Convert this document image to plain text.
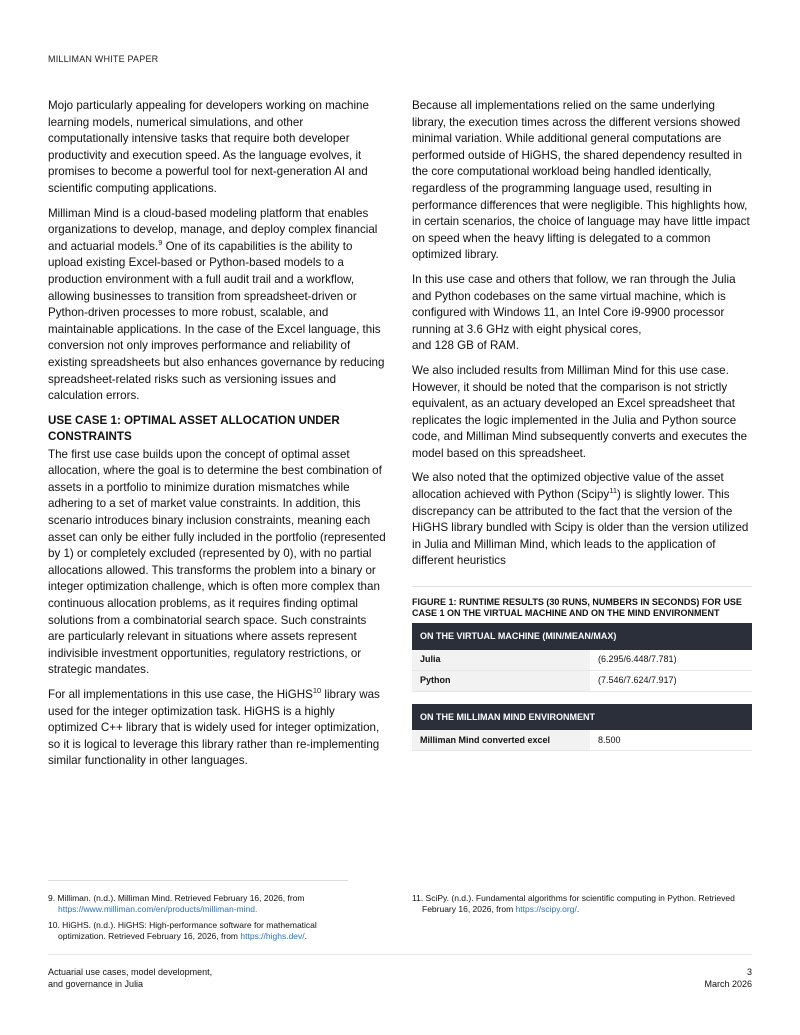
MILLIMAN WHITE PAPER

Mojo particularly appealing for developers working on machine learning models, numerical simulations, and other computationally intensive tasks that require both developer productivity and execution speed. As the language evolves, it promises to become a powerful tool for next-generation AI and scientific computing applications.

Milliman Mind is a cloud-based modeling platform that enables organizations to develop, manage, and deploy complex financial and actuarial models.$^9$ One of its capabilities is the ability to upload existing Excel-based or Python-based models to a production environment with a full audit trail and a workflow, allowing businesses to transition from spreadsheet-driven or Python-driven processes to more robust, scalable, and maintainable applications. In the case of the Excel language, this conversion not only improves performance and reliability of existing spreadsheets but also enhances governance by reducing spreadsheet-related risks such as versioning issues and calculation errors.

USE CASE 1: OPTIMAL ASSET ALLOCATION UNDER CONSTRAINTS

The first use case builds upon the concept of optimal asset allocation, where the goal is to determine the best combination of assets in a portfolio to minimize duration mismatches while adhering to a set of market value constraints. In addition, this scenario introduces binary inclusion constraints, meaning each asset can only be either fully included in the portfolio (represented by 1) or completely excluded (represented by 0), with no partial allocations allowed. This transforms the problem into a binary or integer optimization challenge, which is often more complex than continuous allocation problems, as it requires finding optimal solutions from a combinatorial search space. Such constraints are particularly relevant in situations where assets represent indivisible investment opportunities, regulatory restrictions, or strategic mandates.

For all implementations in this use case, the HiGHS$^{10}$ library was used for the integer optimization task. HiGHS is a highly optimized C++ library that is widely used for integer optimization, so it is logical to leverage this library rather than re-implementing similar functionality in other languages.

Because all implementations relied on the same underlying library, the execution times across the different versions showed minimal variation. While additional general computations are performed outside of HiGHS, the shared dependency resulted in the core computational workload being handled identically, regardless of the programming language used, resulting in performance differences that were negligible. This highlights how, in certain scenarios, the choice of language may have little impact on speed when the heavy lifting is delegated to a common optimized library.

In this use case and others that follow, we ran through the Julia and Python codebases on the same virtual machine, which is configured with Windows 11, an Intel Core i9-9900 processor running at 3.6 GHz with eight physical cores,
and 128 GB of RAM.

We also included results from Milliman Mind for this use case. However, it should be noted that the comparison is not strictly equivalent, as an actuary developed an Excel spreadsheet that replicates the logic implemented in the Julia and Python source code, and Milliman Mind subsequently converts and executes the model based on this spreadsheet.

We also noted that the optimized objective value of the asset allocation achieved with Python (Scipy$^{11}$) is slightly lower. This discrepancy can be attributed to the fact that the version of the HiGHS library bundled with Scipy is older than the version utilized in Julia and Milliman Mind, which leads to the application of different heuristics

FIGURE 1: RUNTIME RESULTS (30 RUNS, NUMBERS IN SECONDS) FOR USE CASE 1 ON THE VIRTUAL MACHINE AND ON THE MIND ENVIRONMENT
ON THE VIRTUAL MACHINE (MIN/MEAN/MAX)
Julia	(6.295/6.448/7.781)
Python	(7.546/7.624/7.917)
ON THE MILLIMAN MIND ENVIRONMENT
Milliman Mind converted excel	8.500

9. Milliman. (n.d.). Milliman Mind. Retrieved February 16, 2026, from https://www.milliman.com/en/products/milliman-mind.

10. HiGHS. (n.d.). HiGHS: High-performance software for mathematical optimization. Retrieved February 16, 2026, from https://highs.dev/.

11. SciPy. (n.d.). Fundamental algorithms for scientific computing in Python. Retrieved February 16, 2026, from https://scipy.org/.

Actuarial use cases, model development,
and governance in Julia
3
March 2026
